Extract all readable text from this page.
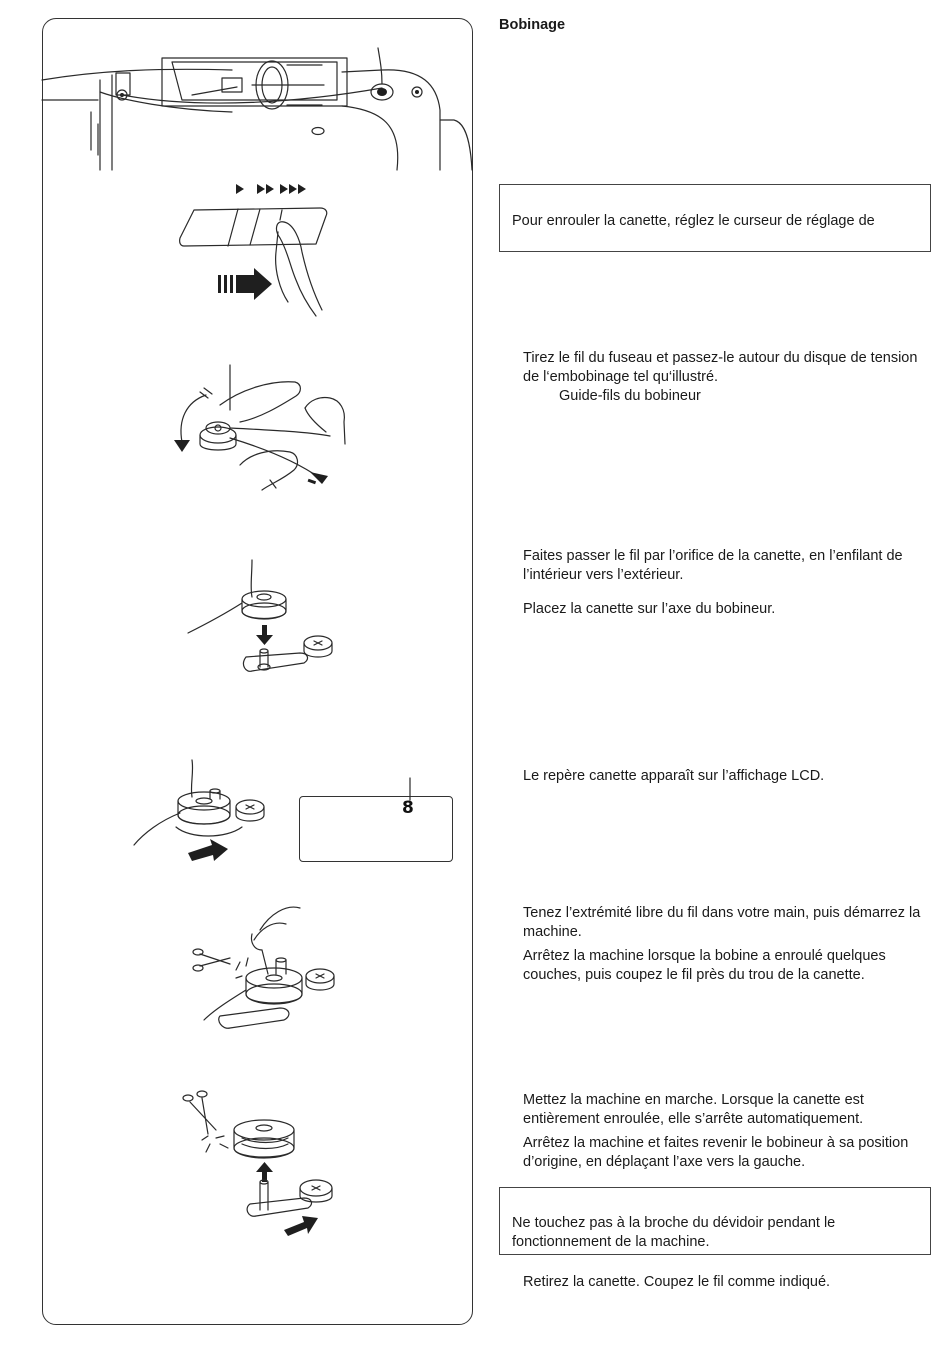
8
Bobinage
Pour enrouler la canette, réglez le curseur de réglage de

Tirez le fil du fuseau et passez-le autour du disque de tension de l‘embobinage tel qu‘illustré.

Guide-fils du bobineur

Faites passer le fil par l’orifice de la canette, en l’enfilant de l’intérieur vers l’extérieur.

Placez la canette sur l’axe du bobineur.

Le repère canette apparaît sur l’affichage LCD.

Tenez l’extrémité libre du fil dans votre main, puis démarrez la machine.

Arrêtez la machine lorsque la bobine a enroulé quelques couches, puis coupez le fil près du trou de la canette.

Mettez la machine en marche. Lorsque la canette est entièrement enroulée, elle s’arrête automatiquement.

Arrêtez la machine et faites revenir le bobineur à sa position d’origine, en déplaçant l’axe vers la gauche.

Ne touchez pas à la broche du dévidoir pendant le fonctionnement de la machine.

Retirez la canette. Coupez le fil comme indiqué.
